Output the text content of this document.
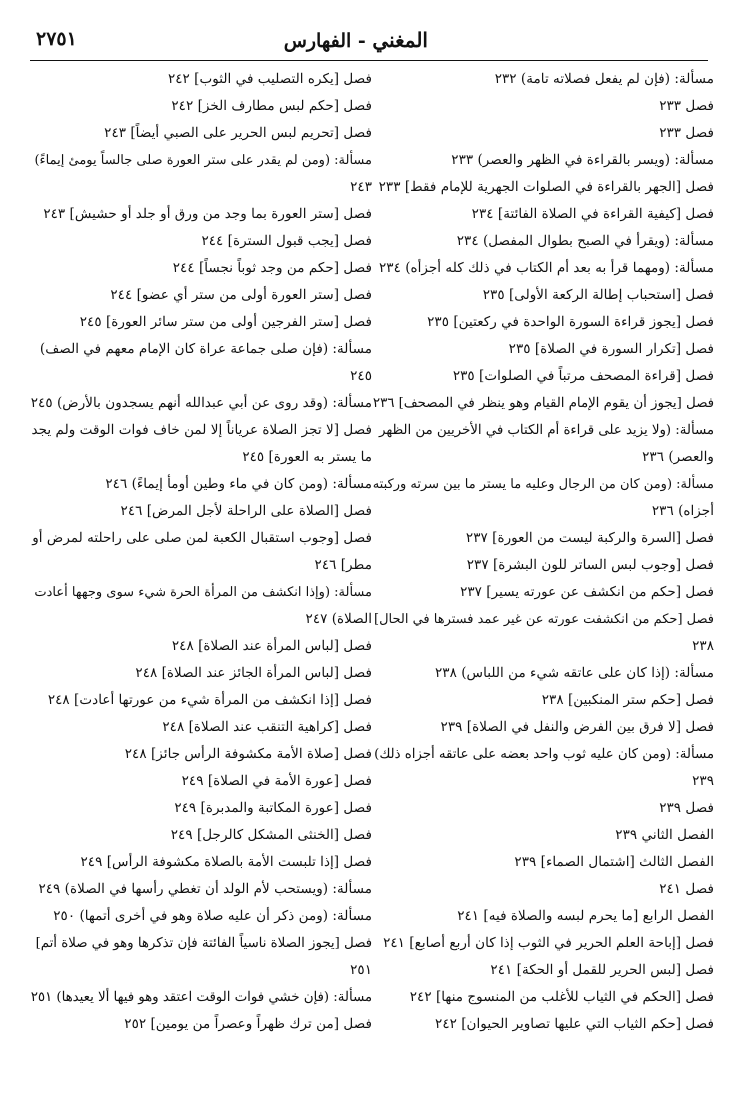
المغني - الفهارس
٢٧٥١

مسألة: (فإن لم يفعل فصلاته تامة) ٢٣٢

فصل ٢٣٣

فصل ٢٣٣

مسألة: (ويسر بالقراءة في الظهر والعصر) ٢٣٣

فصل [الجهر بالقراءة في الصلوات الجهرية للإمام فقط] ٢٣٣

فصل [كيفية القراءة في الصلاة الفائتة] ٢٣٤

مسألة: (ويقرأ في الصبح بطوال المفصل) ٢٣٤

مسألة: (ومهما قرأ به بعد أم الكتاب في ذلك كله أجزأه) ٢٣٤

فصل [استحباب إطالة الركعة الأولى] ٢٣٥

فصل [يجوز قراءة السورة الواحدة في ركعتين] ٢٣٥

فصل [تكرار السورة في الصلاة] ٢٣٥

فصل [قراءة المصحف مرتباً في الصلوات] ٢٣٥

فصل [يجوز أن يقوم الإمام القيام وهو ينظر في المصحف] ٢٣٦

مسألة: (ولا يزيد على قراءة أم الكتاب في الأخريين من الظهر

والعصر) ٢٣٦

مسألة: (ومن كان من الرجال وعليه ما يستر ما بين سرته وركبته

أجزاه) ٢٣٦

فصل [السرة والركبة ليست من العورة] ٢٣٧

فصل [وجوب لبس الساتر للون البشرة] ٢٣٧

فصل [حكم من انكشف عن عورته يسير] ٢٣٧

فصل [حكم من انكشفت عورته عن غير عمد فسترها في الحال]

٢٣٨

مسألة: (إذا كان على عاتقه شيء من اللباس) ٢٣٨

فصل [حكم ستر المنكبين] ٢٣٨

فصل [لا فرق بين الفرض والنفل في الصلاة] ٢٣٩

مسألة: (ومن كان عليه ثوب واحد بعضه على عاتقه أجزاه ذلك)

٢٣٩

فصل ٢٣٩

الفصل الثاني ٢٣٩

الفصل الثالث [اشتمال الصماء] ٢٣٩

فصل ٢٤١

الفصل الرابع [ما يحرم لبسه والصلاة فيه] ٢٤١

فصل [إباحة العلم الحرير في الثوب إذا كان أربع أصابع] ٢٤١

فصل [لبس الحرير للقمل أو الحكة] ٢٤١

فصل [الحكم في الثياب للأغلب من المنسوج منها] ٢٤٢

فصل [حكم الثياب التي عليها تصاوير الحيوان] ٢٤٢

فصل [يكره التصليب في الثوب] ٢٤٢

فصل [حكم لبس مطارف الخز] ٢٤٢

فصل [تحريم لبس الحرير على الصبي أيضاً] ٢٤٣

مسألة: (ومن لم يقدر على ستر العورة صلى جالساً يومئ إيماءً)

٢٤٣

فصل [ستر العورة بما وجد من ورق أو جلد أو حشيش] ٢٤٣

فصل [يجب قبول السترة] ٢٤٤

فصل [حكم من وجد ثوباً نجساً] ٢٤٤

فصل [ستر العورة أولى من ستر أي عضو] ٢٤٤

فصل [ستر الفرجين أولى من ستر سائر العورة] ٢٤٥

مسألة: (فإن صلى جماعة عراة كان الإمام معهم في الصف)

٢٤٥

مسألة: (وقد روى عن أبي عبدالله أنهم يسجدون بالأرض) ٢٤٥

فصل [لا تجز الصلاة عرياناً إلا لمن خاف فوات الوقت ولم يجد

ما يستر به العورة] ٢٤٥

مسألة: (ومن كان في ماء وطين أومأ إيماءً) ٢٤٦

فصل [الصلاة على الراحلة لأجل المرض] ٢٤٦

فصل [وجوب استقبال الكعبة لمن صلى على راحلته لمرض أو

مطر] ٢٤٦

مسألة: (وإذا انكشف من المرأة الحرة شيء سوى وجهها أعادت

الصلاة) ٢٤٧

فصل [لباس المرأة عند الصلاة] ٢٤٨

فصل [لباس المرأة الجائز عند الصلاة] ٢٤٨

فصل [إذا انكشف من المرأة شيء من عورتها أعادت] ٢٤٨

فصل [كراهية التنقب عند الصلاة] ٢٤٨

فصل [صلاة الأمة مكشوفة الرأس جائز] ٢٤٨

فصل [عورة الأمة في الصلاة] ٢٤٩

فصل [عورة المكاتبة والمدبرة] ٢٤٩

فصل [الخنثى المشكل كالرجل] ٢٤٩

فصل [إذا تلبست الأمة بالصلاة مكشوفة الرأس] ٢٤٩

مسألة: (ويستحب لأم الولد أن تغطي رأسها في الصلاة) ٢٤٩

مسألة: (ومن ذكر أن عليه صلاة وهو في أخرى أتمها) ٢٥٠

فصل [يجوز الصلاة ناسياً الفائتة فإن تذكرها وهو في صلاة أتم]

٢٥١

مسألة: (فإن خشي فوات الوقت اعتقد وهو فيها ألا يعيدها) ٢٥١

فصل [من ترك ظهراً وعصراً من يومين] ٢٥٢
